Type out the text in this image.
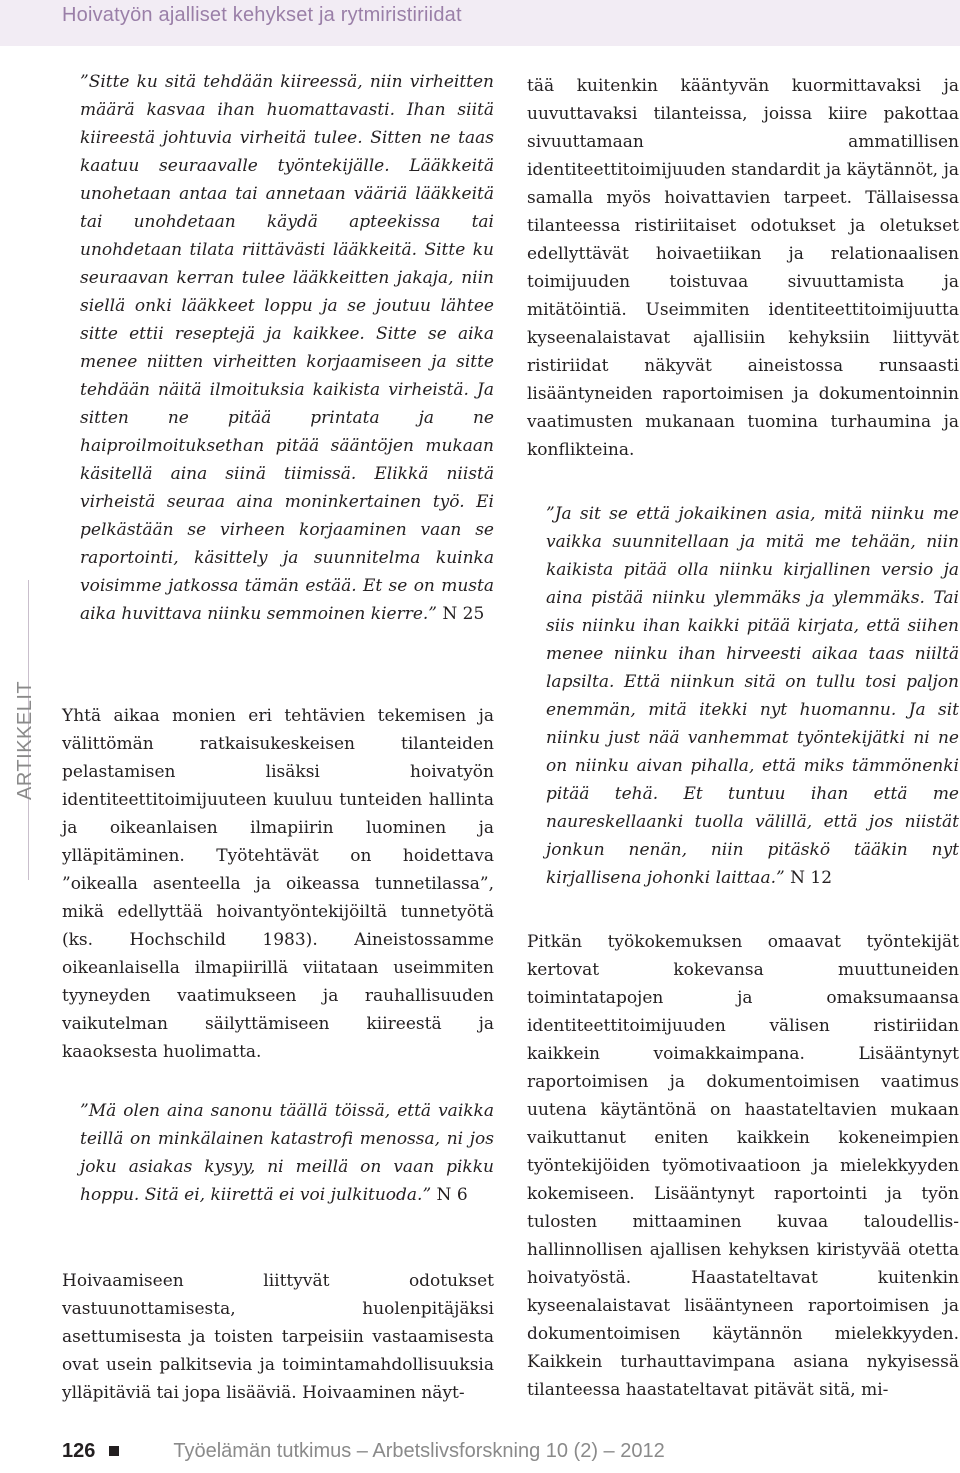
Hoivatyön ajalliset kehykset ja rytmiristiriidat
ARTIKKELIT
”Sitte ku sitä tehdään kiireessä, niin virheitten määrä kasvaa ihan huomattavasti. Ihan siitä kiireestä johtuvia virheitä tulee. Sitten ne taas kaatuu seuraavalle työntekijälle. Lääkkeitä unohetaan antaa tai annetaan vääriä lääkkeitä tai unohdetaan käydä apteekissa tai unohdetaan tilata riittävästi lääkkeitä. Sitte ku seuraavan kerran tulee lääkkeitten jakaja, niin siellä onki lääkkeet loppu ja se joutuu lähtee sitte ettii reseptejä ja kaikkee. Sitte se aika menee niitten virheitten korjaamiseen ja sitte tehdään näitä ilmoituksia kaikista virheistä. Ja sitten ne pitää printata ja ne haiproilmoituksethan pitää sääntöjen mukaan käsitellä aina siinä tiimissä. Elikkä niistä virheistä seuraa aina moninkertainen työ. Ei pelkästään se virheen korjaaminen vaan se raportointi, käsittely ja suunnitelma kuinka voisimme jatkossa tämän estää. Et se on musta aika huvittava niinku semmoinen kierre.” N 25
Yhtä aikaa monien eri tehtävien tekemisen ja välittömän ratkaisukeskeisen tilanteiden pelastamisen lisäksi hoivatyön identiteettitoimijuuteen kuuluu tunteiden hallinta ja oikeanlaisen ilmapiirin luominen ja ylläpitäminen. Työtehtävät on hoidettava ”oikealla asenteella ja oikeassa tunnetilassa”, mikä edellyttää hoivantyöntekijöiltä tunnetyötä (ks. Hochschild 1983). Aineistossamme oikeanlaisella ilmapiirillä viitataan useimmiten tyyneyden vaatimukseen ja rauhallisuuden vaikutelman säilyttämiseen kiireestä ja kaaoksesta huolimatta.
”Mä olen aina sanonu täällä töissä, että vaikka teillä on minkälainen katastrofi menossa, ni jos joku asiakas kysyy, ni meillä on vaan pikku hoppu. Sitä ei, kiirettä ei voi julkituoda.” N 6
Hoivaamiseen liittyvät odotukset vastuunottamisesta, huolenpitäjäksi asettumisesta ja toisten tarpeisiin vastaamisesta ovat usein palkitsevia ja toimintamahdollisuuksia ylläpitäviä tai jopa lisääviä. Hoivaaminen näyt-
tää kuitenkin kääntyvän kuormittavaksi ja uuvuttavaksi tilanteissa, joissa kiire pakottaa sivuuttamaan ammatillisen identiteettitoimijuuden standardit ja käytännöt, ja samalla myös hoivattavien tarpeet. Tällaisessa tilanteessa ristiriitaiset odotukset ja oletukset edellyttävät hoivaetiikan ja relationaalisen toimijuuden toistuvaa sivuuttamista ja mitätöintiä. Useimmiten identiteettitoimijuutta kyseenalaistavat ajallisiin kehyksiin liittyvät ristiriidat näkyvät aineistossa runsaasti lisääntyneiden raportoimisen ja dokumentoinnin vaatimusten mukanaan tuomina turhaumina ja konflikteina.
”Ja sit se että jokaikinen asia, mitä niinku me vaikka suunnitellaan ja mitä me tehään, niin kaikista pitää olla niinku kirjallinen versio ja aina pistää niinku ylemmäks ja ylemmäks. Tai siis niinku ihan kaikki pitää kirjata, että siihen menee niinku ihan hirveesti aikaa taas niiltä lapsilta. Että niinkun sitä on tullu tosi paljon enemmän, mitä itekki nyt huomannu. Ja sit niinku just nää vanhemmat työntekijätki ni ne on niinku aivan pihalla, että miks tämmönenki pitää tehä. Et tuntuu ihan että me naureskellaanki tuolla välillä, että jos niistät jonkun nenän, niin pitäskö tääkin nyt kirjallisena johonki laittaa.” N 12
Pitkän työkokemuksen omaavat työntekijät kertovat kokevansa muuttuneiden toimintatapojen ja omaksumaansa identiteettitoimijuuden välisen ristiriidan kaikkein voimakkaimpana. Lisääntynyt raportoimisen ja dokumentoimisen vaatimus uutena käytäntönä on haastateltavien mukaan vaikuttanut eniten kaikkein kokeneimpien työntekijöiden työmotivaatioon ja mielekkyyden kokemiseen. Lisääntynyt raportointi ja työn tulosten mittaaminen kuvaa taloudellis-hallinnollisen ajallisen kehyksen kiristyvää otetta hoivatyöstä. Haastateltavat kuitenkin kyseenalaistavat lisääntyneen raportoimisen ja dokumentoimisen käytännön mielekkyyden. Kaikkein turhauttavimpana asiana nykyisessä tilanteessa haastateltavat pitävät sitä, mi-
126	Työelämän tutkimus – Arbetslivsforskning 10 (2) – 2012
